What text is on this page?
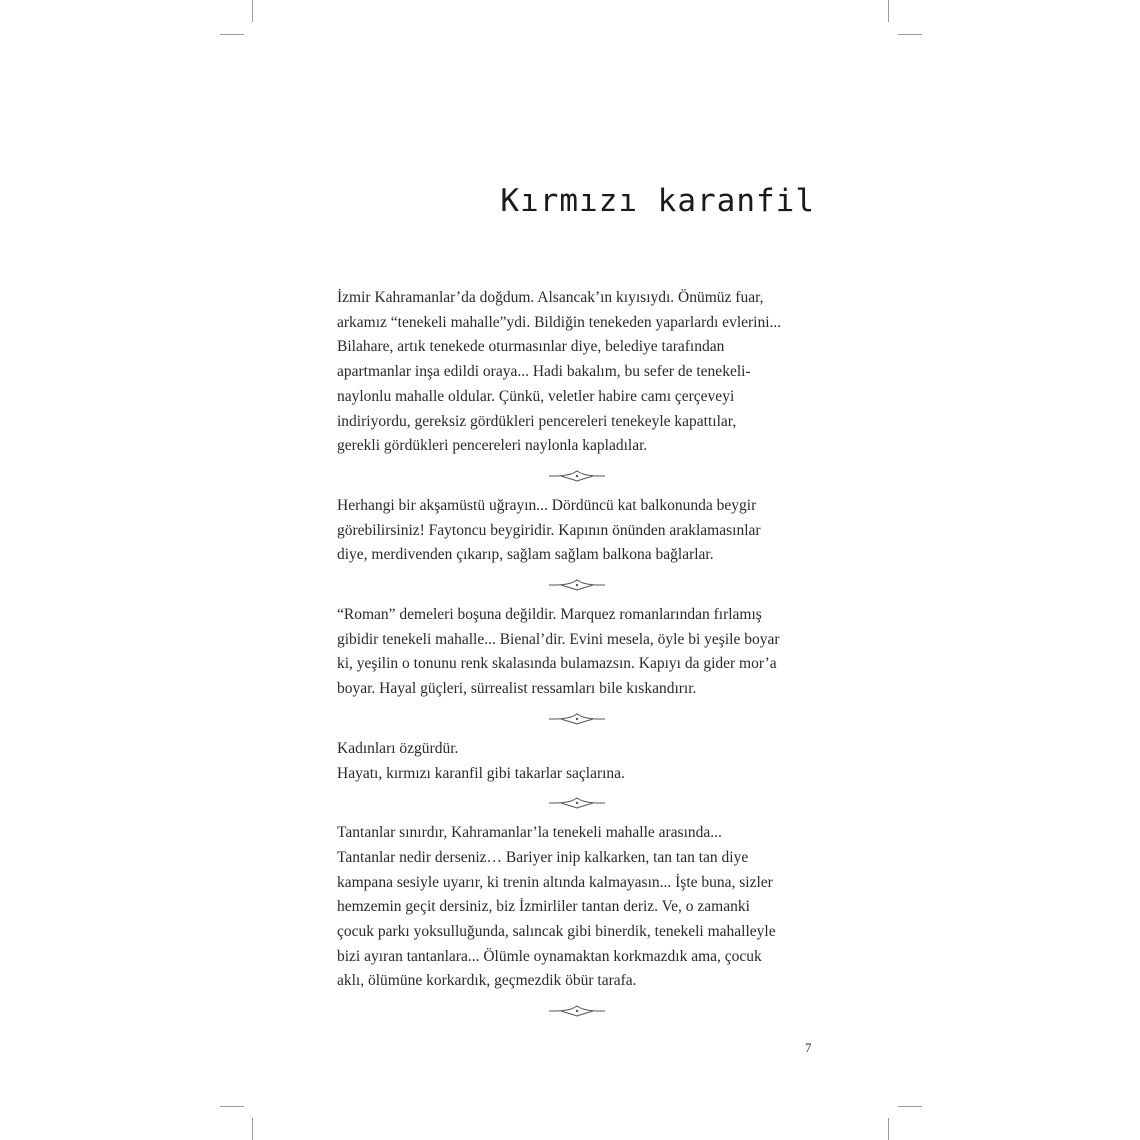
Kırmızı karanfil

İzmir Kahramanlar’da doğdum. Alsancak’ın kıyısıydı. Önümüz fuar,
arkamız “tenekeli mahalle”ydi. Bildiğin tenekeden yaparlardı evlerini...
Bilahare, artık tenekede oturmasınlar diye, belediye tarafından
apartmanlar inşa edildi oraya... Hadi bakalım, bu sefer de tenekeli-
naylonlu mahalle oldular. Çünkü, veletler habire camı çerçeveyi
indiriyordu, gereksiz gördükleri pencereleri tenekeyle kapattılar,
gerekli gördükleri pencereleri naylonla kapladılar.

Herhangi bir akşamüstü uğrayın... Dördüncü kat balkonunda beygir
görebilirsiniz! Faytoncu beygiridir. Kapının önünden araklamasınlar
diye, merdivenden çıkarıp, sağlam sağlam balkona bağlarlar.

“Roman” demeleri boşuna değildir. Marquez romanlarından fırlamış
gibidir tenekeli mahalle... Bienal’dir. Evini mesela, öyle bi yeşile boyar
ki, yeşilin o tonunu renk skalasında bulamazsın. Kapıyı da gider mor’a
boyar. Hayal güçleri, sürrealist ressamları bile kıskandırır.

Kadınları özgürdür.
Hayatı, kırmızı karanfil gibi takarlar saçlarına.

Tantanlar sınırdır, Kahramanlar’la tenekeli mahalle arasında...
Tantanlar nedir derseniz… Bariyer inip kalkarken, tan tan tan diye
kampana sesiyle uyarır, ki trenin altında kalmayasın... İşte buna, sizler
hemzemin geçit dersiniz, biz İzmirliler tantan deriz. Ve, o zamanki
çocuk parkı yoksulluğunda, salıncak gibi binerdik, tenekeli mahalleyle
bizi ayıran tantanlara... Ölümle oynamaktan korkmazdık ama, çocuk
aklı, ölümüne korkardık, geçmezdik öbür tarafa.

7
